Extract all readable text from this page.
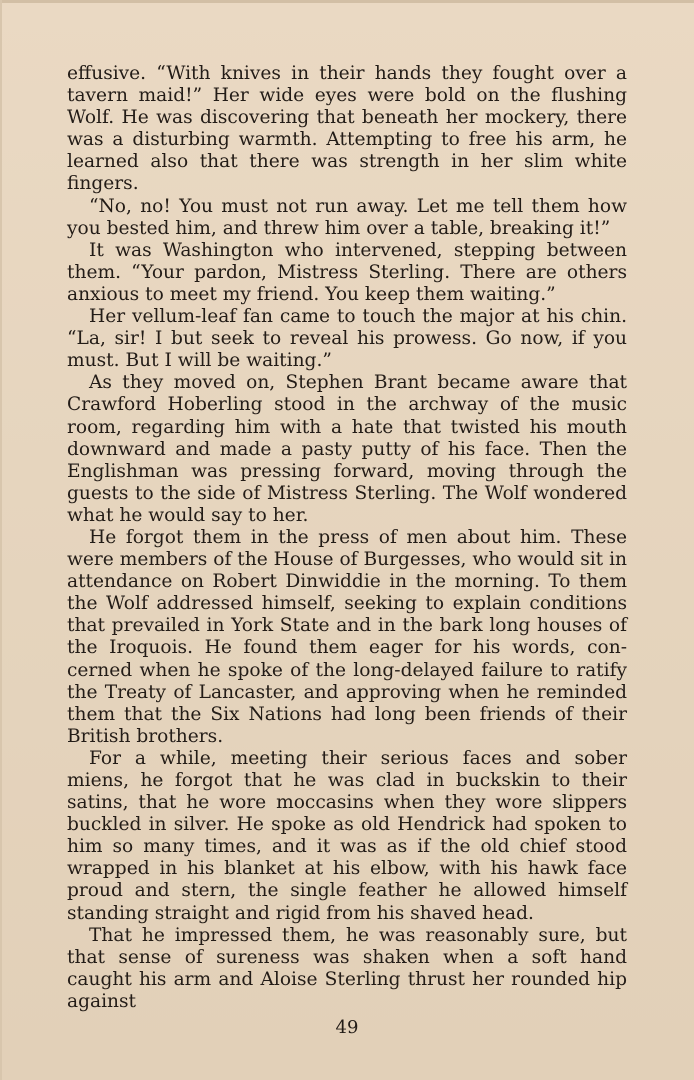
effusive. “With knives in their hands they fought over a tavern maid!” Her wide eyes were bold on the flushing Wolf. He was discovering that beneath her mockery, there was a disturbing warmth. Attempting to free his arm, he learned also that there was strength in her slim white fingers.

“No, no! You must not run away. Let me tell them how you bested him, and threw him over a table, breaking it!”

It was Washington who intervened, stepping between them. “Your pardon, Mistress Sterling. There are others anxious to meet my friend. You keep them waiting.”

Her vellum-leaf fan came to touch the major at his chin. “La, sir! I but seek to reveal his prowess. Go now, if you must. But I will be waiting.”

As they moved on, Stephen Brant became aware that Crawford Hoberling stood in the archway of the music room, regarding him with a hate that twisted his mouth downward and made a pasty putty of his face. Then the Englishman was pressing forward, moving through the guests to the side of Mistress Sterling. The Wolf wondered what he would say to her.

He forgot them in the press of men about him. These were members of the House of Burgesses, who would sit in attendance on Robert Dinwiddie in the morning. To them the Wolf addressed himself, seeking to explain conditions that prevailed in York State and in the bark long houses of the Iroquois. He found them eager for his words, concerned when he spoke of the long-delayed failure to ratify the Treaty of Lancaster, and approving when he reminded them that the Six Nations had long been friends of their British brothers.

For a while, meeting their serious faces and sober miens, he forgot that he was clad in buckskin to their satins, that he wore moccasins when they wore slippers buckled in silver. He spoke as old Hendrick had spoken to him so many times, and it was as if the old chief stood wrapped in his blanket at his elbow, with his hawk face proud and stern, the single feather he allowed himself standing straight and rigid from his shaved head.

That he impressed them, he was reasonably sure, but that sense of sureness was shaken when a soft hand caught his arm and Aloise Sterling thrust her rounded hip against

49
